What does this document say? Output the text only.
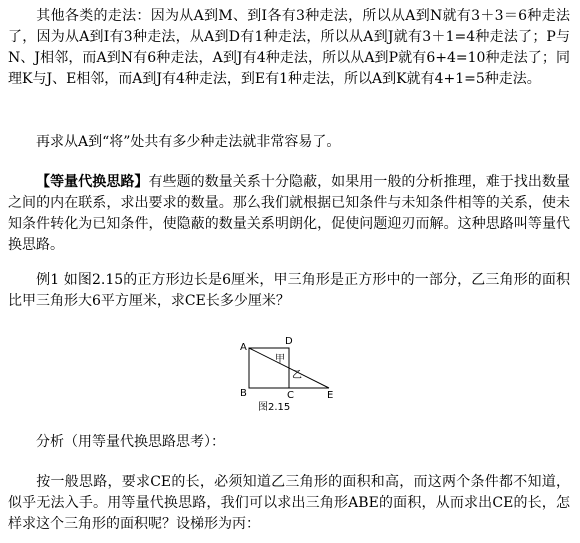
其他各类的走法：因为从A到M、到I各有3种走法，所以从A到N就有3＋3＝6种走法了，因为从A到I有3种走法，从A到D有1种走法，所以从A到J就有3＋1=4种走法了；P与N、J相邻，而A到N有6种走法，A到J有4种走法，所以从A到P就有6+4=10种走法了；同理K与J、E相邻，而A到J有4种走法，到E有1种走法，所以A到K就有4+1=5种走法。

再求从A到“将”处共有多少种走法就非常容易了。

【等量代换思路】有些题的数量关系十分隐蔽，如果用一般的分析推理，难于找出数量之间的内在联系，求出要求的数量。那么我们就根据已知条件与未知条件相等的关系，使未知条件转化为已知条件，使隐蔽的数量关系明朗化，促使问题迎刃而解。这种思路叫等量代换思路。

例1 如图2.15的正方形边长是6厘米，甲三角形是正方形中的一部分，乙三角形的面积比甲三角形大6平方厘米，求CE长多少厘米？

A
D
B	C	E
甲
乙
图2.15

分析（用等量代换思路思考）：

按一般思路，要求CE的长，必须知道乙三角形的面积和高，而这两个条件都不知道，似乎无法入手。用等量代换思路，我们可以求出三角形ABE的面积，从而求出CE的长，怎样求这个三角形的面积呢？设梯形为丙：
